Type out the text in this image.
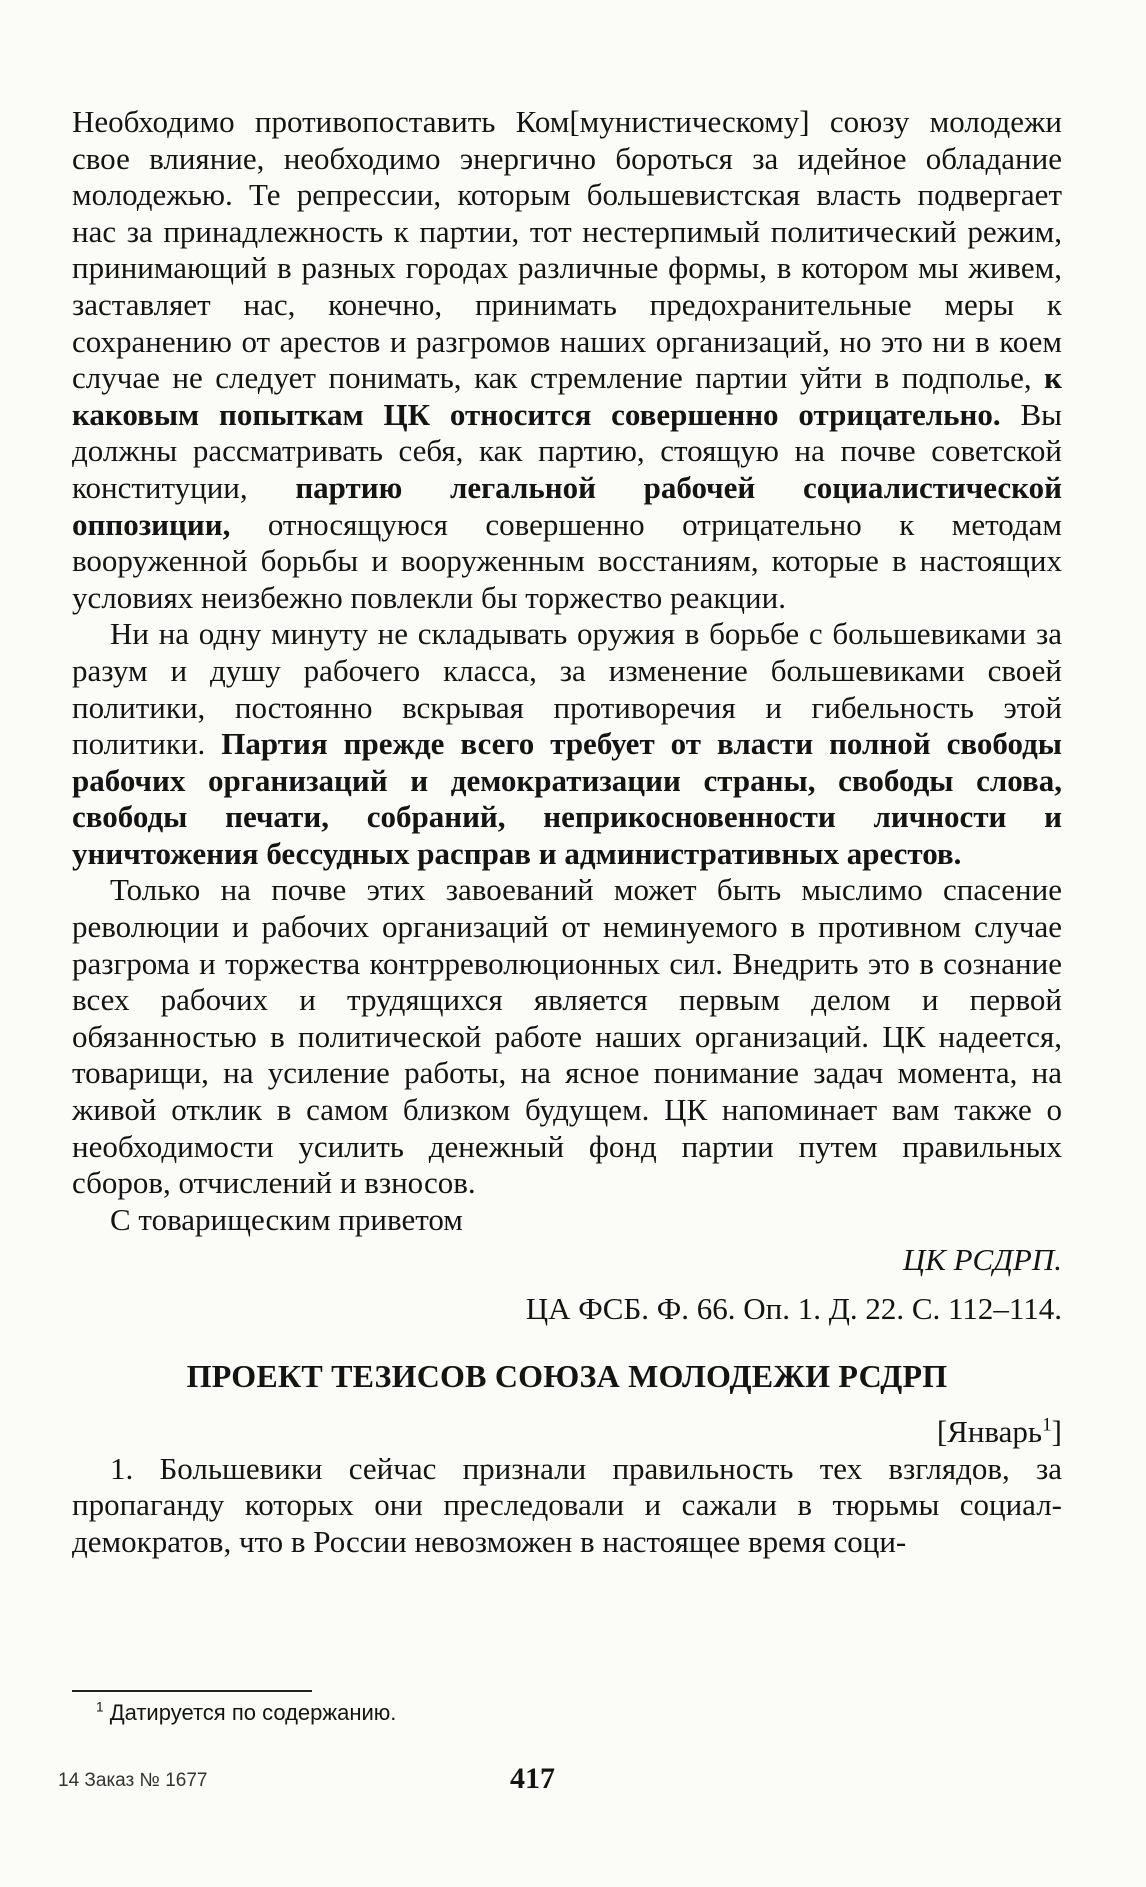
Необходимо противопоставить Ком[мунистическому] союзу молодежи свое влияние, необходимо энергично бороться за идейное обладание молодежью. Те репрессии, которым большевистская власть подвергает нас за принадлежность к партии, тот нестерпимый политический режим, принимающий в разных городах различные формы, в котором мы живем, заставляет нас, конечно, принимать предохранительные меры к сохранению от арестов и разгромов наших организаций, но это ни в коем случае не следует понимать, как стремление партии уйти в подполье, к каковым попыткам ЦК относится совершенно отрицательно. Вы должны рассматривать себя, как партию, стоящую на почве советской конституции, партию легальной рабочей социалистической оппозиции, относящуюся совершенно отрицательно к методам вооруженной борьбы и вооруженным восстаниям, которые в настоящих условиях неизбежно повлекли бы торжество реакции.

Ни на одну минуту не складывать оружия в борьбе с большевиками за разум и душу рабочего класса, за изменение большевиками своей политики, постоянно вскрывая противоречия и гибельность этой политики. Партия прежде всего требует от власти полной свободы рабочих организаций и демократизации страны, свободы слова, свободы печати, собраний, неприкосновенности личности и уничтожения бессудных расправ и административных арестов.

Только на почве этих завоеваний может быть мыслимо спасение революции и рабочих организаций от неминуемого в противном случае разгрома и торжества контрреволюционных сил. Внедрить это в сознание всех рабочих и трудящихся является первым делом и первой обязанностью в политической работе наших организаций. ЦК надеется, товарищи, на усиление работы, на ясное понимание задач момента, на живой отклик в самом близком будущем. ЦК напоминает вам также о необходимости усилить денежный фонд партии путем правильных сборов, отчислений и взносов.

С товарищеским приветом

ЦК РСДРП.
ЦА ФСБ. Ф. 66. Оп. 1. Д. 22. С. 112–114.
ПРОЕКТ ТЕЗИСОВ СОЮЗА МОЛОДЕЖИ РСДРП
[Январь$^1$]

1. Большевики сейчас признали правильность тех взглядов, за пропаганду которых они преследовали и сажали в тюрьмы социал-демократов, что в России невозможен в настоящее время соци-

$^1$ Датируется по содержанию.
14 Заказ № 1677	417
